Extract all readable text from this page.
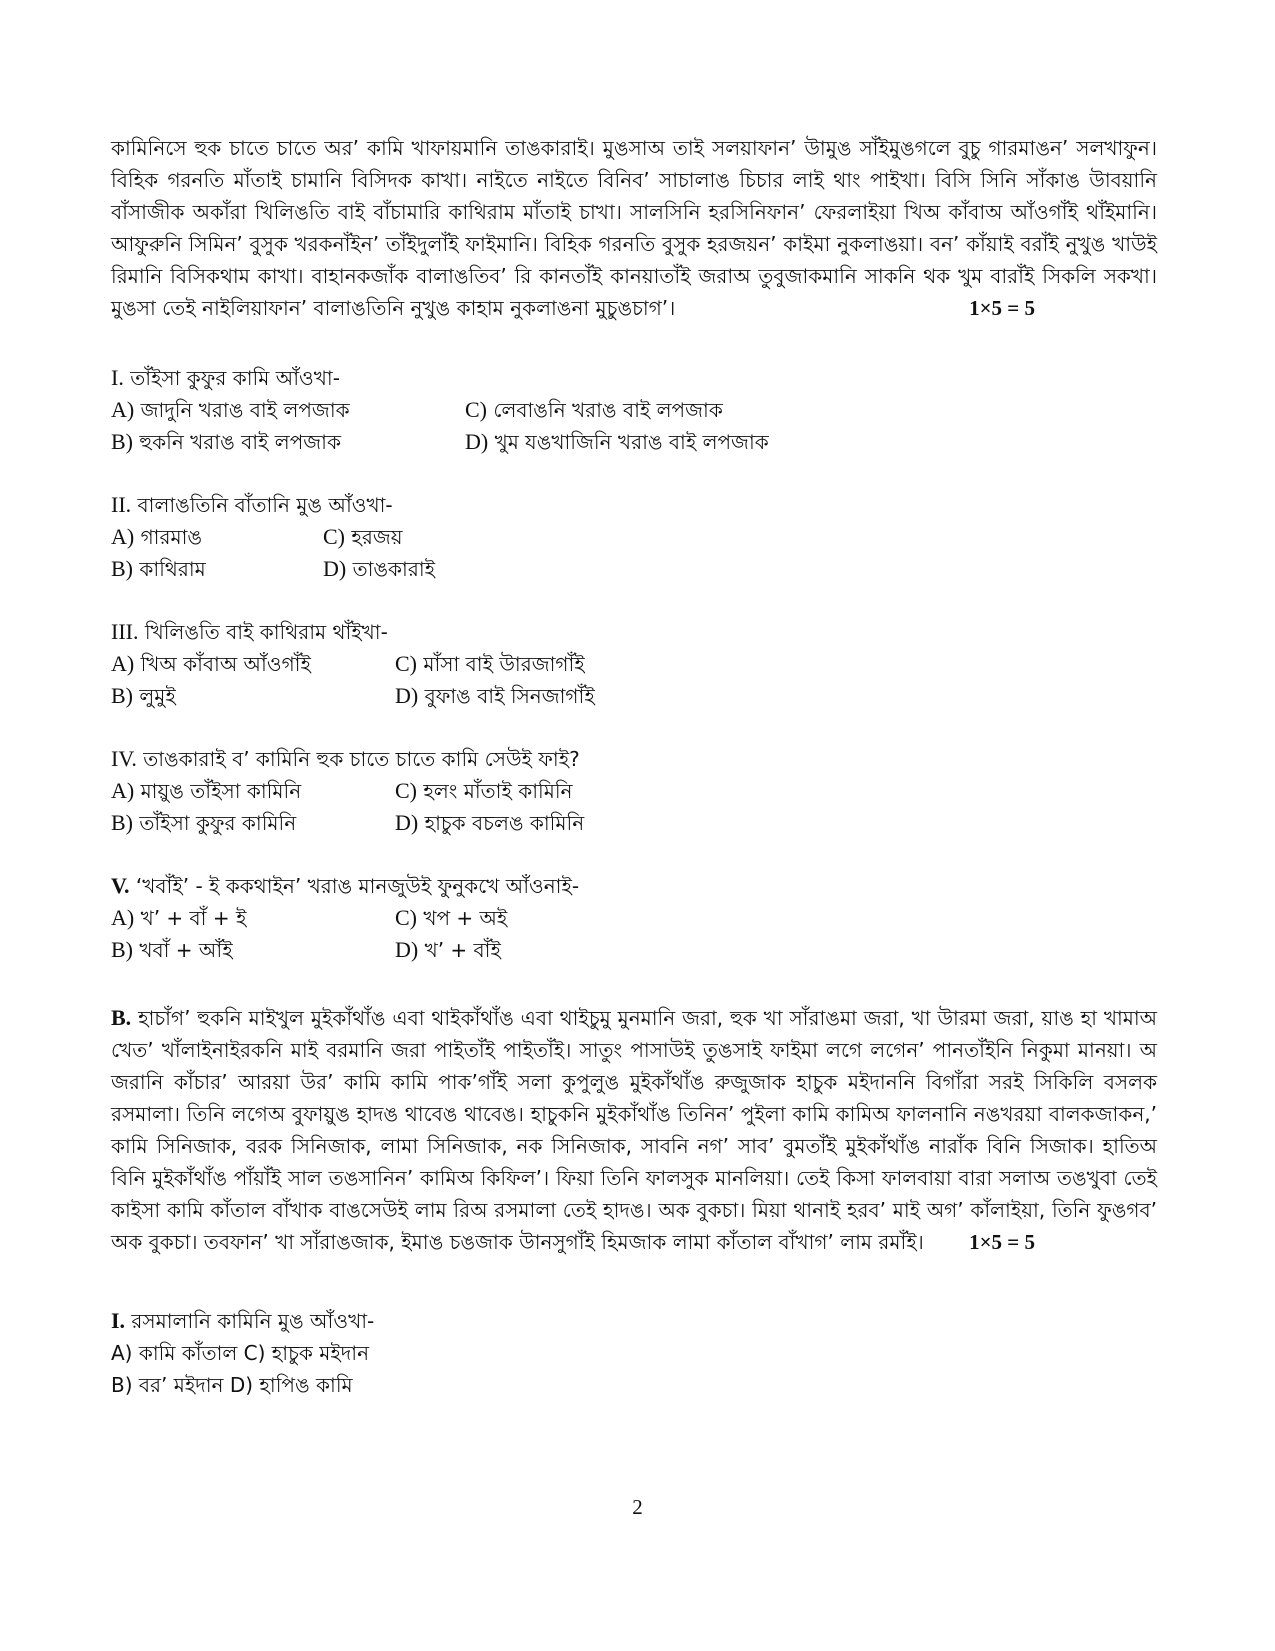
কামিনিসে হুক চাতে চাতে অর’ কামি খাফায়মানি তাঙকারাই। মুঙসাঅ তাই সলয়াফান’ উামুঙ সাঁইমুঙগলে বুচু গারমাঙন’ সলখাফুন। বিহিক গরনতি মাঁতাই চামানি বিসিদক কাখা। নাইতে নাইতে বিনিব’ সাচালাঙ চিচার লাই থাং পাইখা। বিসি সিনি সাঁকাঙ উাবয়ানি বাঁসাজীক অকাঁরা খিলিঙতি বাই বাঁচামারি কাথিরাম মাঁতাই চাখা। সালসিনি হরসিনিফান’ ফেরলাইয়া খিঅ কাঁবাঅ আঁওগাঁই থাঁইমানি। আফুরুনি সিমিন’ বুসুক খরকনাঁইন’ তাঁইদুলাঁই ফাইমানি। বিহিক গরনতি বুসুক হরজয়ন’ কাইমা নুকলাঙয়া। বন’ কাঁয়াই বরাঁই নুখুঙ খাউই রিমানি বিসিকথাম কাখা। বাহানকজাঁক বালাঙতিব’ রি কানতাঁই কানয়াতাঁই জরাঅ তুবুজাকমানি সাকনি থক খুম বারাঁই সিকলি সকখা। মুঙসা তেই নাইলিয়াফান’ বালাঙতিনি নুখুঙ কাহাম নুকলাঙনা মুচুঙচাগ’।	1×5 = 5

I. তাঁইসা কুফুর কামি আঁওখা-

A) জাদুনি খরাঙ বাই লপজাক	C) লেবাঙনি খরাঙ বাই লপজাক
B) হুকনি খরাঙ বাই লপজাক	D) খুম যঙখাজিনি খরাঙ বাই লপজাক

II. বালাঙতিনি বাঁতানি মুঙ আঁওখা-

A) গারমাঙ	C) হরজয়
B) কাথিরাম	D) তাঙকারাই

III. খিলিঙতি বাই কাথিরাম থাঁইখা-

A) খিঅ কাঁবাঅ আঁওগাঁই	C) মাঁসা বাই উারজাগাঁই
B) লুমুই	D) বুফাঙ বাই সিনজাগাঁই

IV. তাঙকারাই ব’ কামিনি হুক চাতে চাতে কামি সেউই ফাই?

A) মায়ুঙ তাঁইসা কামিনি	C) হলং মাঁতাই কামিনি
B) তাঁইসা কুফুর কামিনি	D) হাচুক বচলঙ কামিনি

V. ‘খবাঁই’ - ই ককথাইন’ খরাঙ মানজুউই ফুনুকখে আঁওনাই-

A) খ’ + বাঁ + ই	C) খপ + অই
B) খবাঁ + আঁই	D) খ’ + বাঁই

B. হাচাঁগ’ হুকনি মাইখুল মুইকাঁথাঁঙ এবা থাইকাঁথাঁঙ এবা থাইচুমু মুনমানি জরা, হুক খা সাঁরাঙমা জরা, খা উারমা জরা, য়াঙ হা খামাঅ খেত’ খাঁলাইনাইরকনি মাই বরমানি জরা পাইতাঁই পাইতাঁই। সাতুং পাসাউই তুঙসাই ফাইমা লগে লগেন’ পানতাঁইনি নিকুমা মানয়া। অ জরানি কাঁচার’ আরয়া উর’ কামি কামি পাক’গাঁই সলা কুপুলুঙ মুইকাঁথাঁঙ রুজুজাক হাচুক মইদাননি বিগাঁরা সরই সিকিলি বসলক রসমালা। তিনি লগেঅ বুফায়ুঙ হাদঙ থাবেঙ থাবেঙ। হাচুকনি মুইকাঁথাঁঙ তিনিন’ পুইলা কামি কামিঅ ফালনানি নঙখরয়া বালকজাকন,’ কামি সিনিজাক, বরক সিনিজাক, লামা সিনিজাক, নক সিনিজাক, সাবনি নগ’ সাব’ বুমতাঁই মুইকাঁথাঁঙ নারাঁক বিনি সিজাক। হাতিঅ বিনি মুইকাঁথাঁঙ পাঁয়াঁই সাল তঙসানিন’ কামিঅ কিফিল’। ফিয়া তিনি ফালসুক মানলিয়া। তেই কিসা ফালবায়া বারা সলাঅ তঙখুবা তেই কাইসা কামি কাঁতাল বাঁখাক বাঙসেউই লাম রিঅ রসমালা তেই হাদঙ। অক বুকচা। মিয়া থানাই হরব’ মাই অগ’ কাঁলাইয়া, তিনি ফুঙগব’ অক বুকচা। তবফান’ খা সাঁরাঙজাক, ইমাঙ চঙজাক উানসুগাঁই হিমজাক লামা কাঁতাল বাঁখাগ’ লাম রমাঁই। 1×5 = 5

I. রসমালানি কামিনি মুঙ আঁওখা-

A) কামি কাঁতাল C) হাচুক মইদান
B) বর’ মইদান D) হাপিঙ কামি
2
